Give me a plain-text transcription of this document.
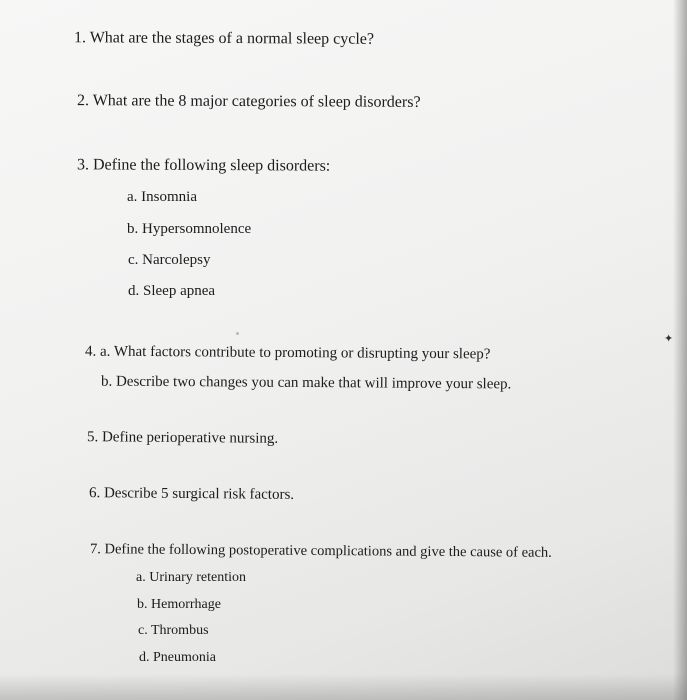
1. What are the stages of a normal sleep cycle?

2. What are the 8 major categories of sleep disorders?

3. Define the following sleep disorders:

a. Insomnia

b. Hypersomnolence

c. Narcolepsy

d. Sleep apnea

✦

4. a. What factors contribute to promoting or disrupting your sleep?

b. Describe two changes you can make that will improve your sleep.

5. Define perioperative nursing.

6. Describe 5 surgical risk factors.

7. Define the following postoperative complications and give the cause of each.

a. Urinary retention

b. Hemorrhage

c. Thrombus

d. Pneumonia
